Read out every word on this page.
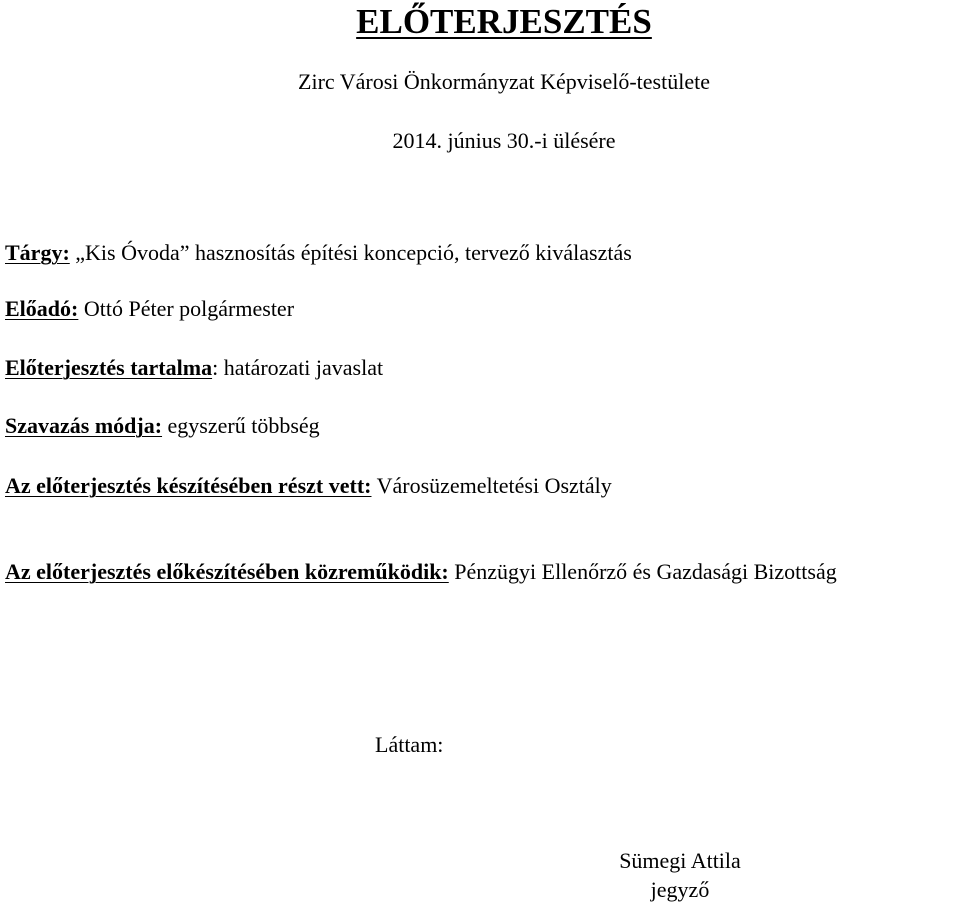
ELŐTERJESZTÉS
Zirc Városi Önkormányzat Képviselő-testülete
2014. június 30.-i ülésére
Tárgy: „Kis Óvoda” hasznosítás építési koncepció, tervező kiválasztás
Előadó: Ottó Péter polgármester
Előterjesztés tartalma: határozati javaslat
Szavazás módja: egyszerű többség
Az előterjesztés készítésében részt vett: Városüzemeltetési Osztály
Az előterjesztés előkészítésében közreműködik: Pénzügyi Ellenőrző és Gazdasági Bizottság
Láttam:
Sümegi Attila
jegyző
